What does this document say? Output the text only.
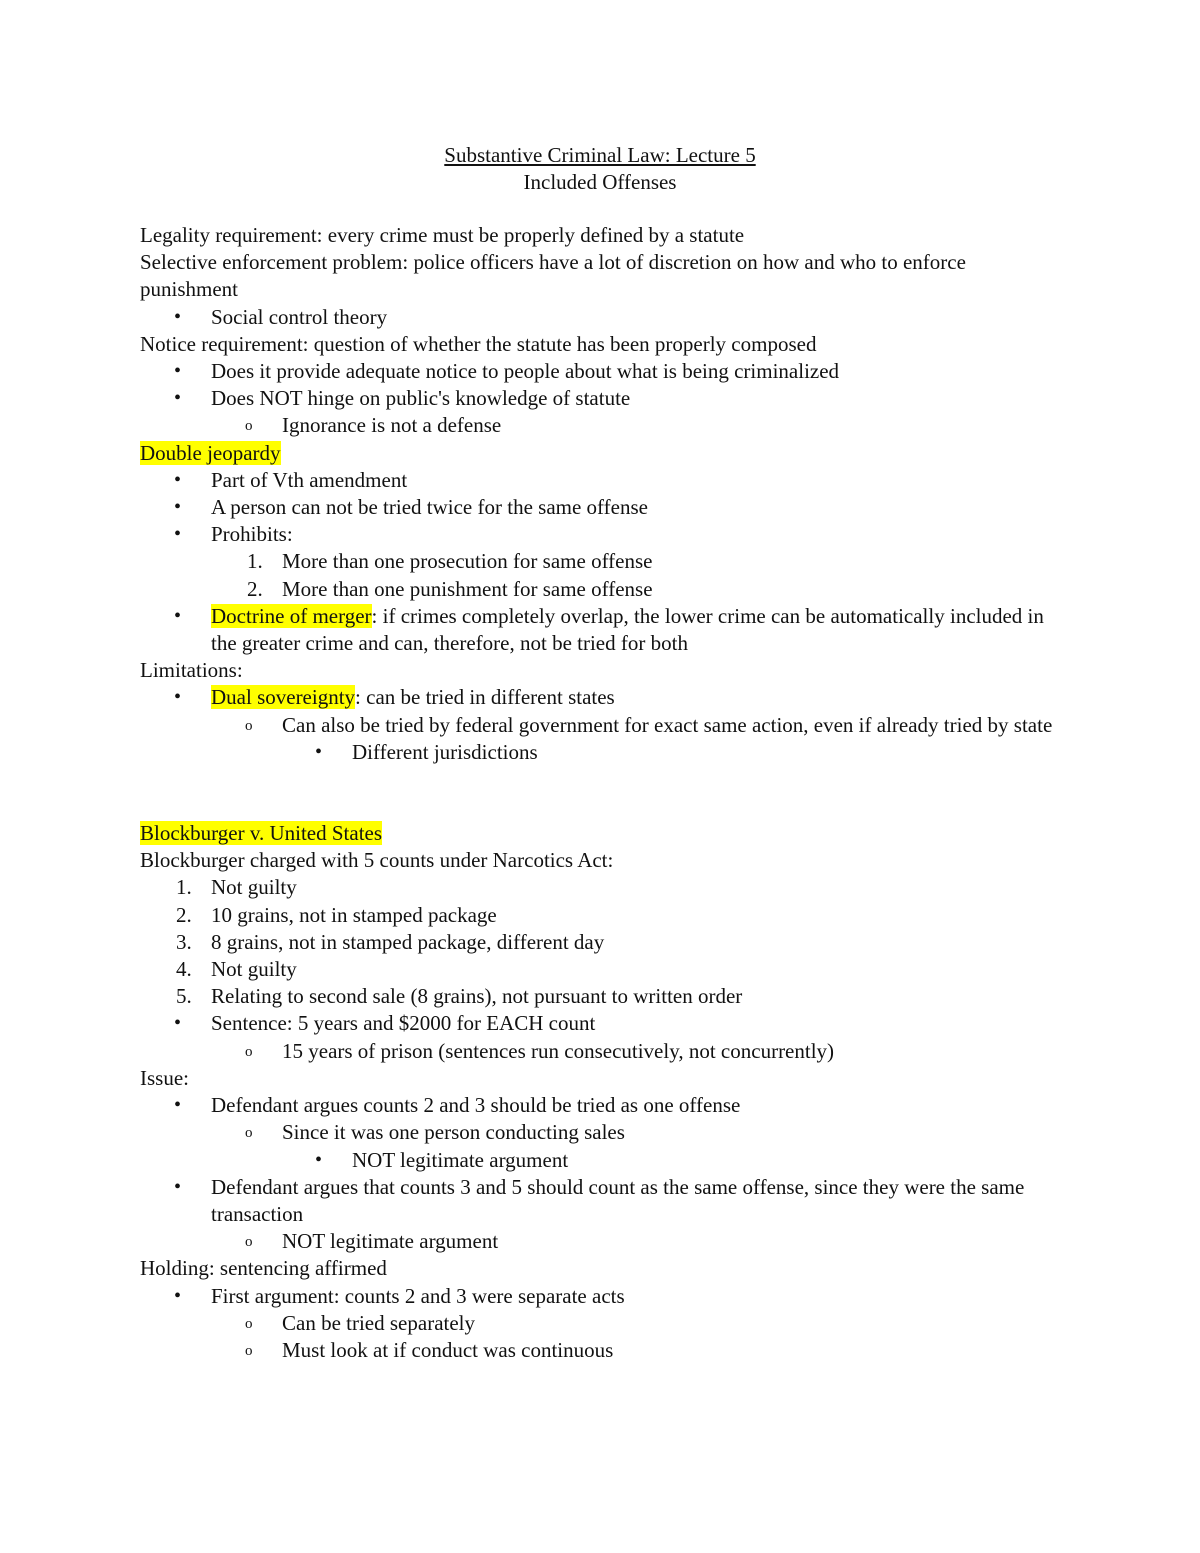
Substantive Criminal Law: Lecture 5
Included Offenses
Legality requirement: every crime must be properly defined by a statute
Selective enforcement problem: police officers have a lot of discretion on how and who to enforce punishment
•	Social control theory
Notice requirement: question of whether the statute has been properly composed
•	Does it provide adequate notice to people about what is being criminalized
•	Does NOT hinge on public's knowledge of statute
o	Ignorance is not a defense
Double jeopardy
•	Part of Vth amendment
•	A person can not be tried twice for the same offense
•	Prohibits:
1. More than one prosecution for same offense
2. More than one punishment for same offense
•	Doctrine of merger: if crimes completely overlap, the lower crime can be automatically included in the greater crime and can, therefore, not be tried for both
Limitations:
•	Dual sovereignty: can be tried in different states
o	Can also be tried by federal government for exact same action, even if already tried by state
•	Different jurisdictions
Blockburger v. United States
Blockburger charged with 5 counts under Narcotics Act:
1. Not guilty
2. 10 grains, not in stamped package
3. 8 grains, not in stamped package, different day
4. Not guilty
5. Relating to second sale (8 grains), not pursuant to written order
•	Sentence: 5 years and $2000 for EACH count
o	15 years of prison (sentences run consecutively, not concurrently)
Issue:
•	Defendant argues counts 2 and 3 should be tried as one offense
o	Since it was one person conducting sales
•	NOT legitimate argument
•	Defendant argues that counts 3 and 5 should count as the same offense, since they were the same transaction
o	NOT legitimate argument
Holding: sentencing affirmed
•	First argument: counts 2 and 3 were separate acts
o	Can be tried separately
o	Must look at if conduct was continuous
